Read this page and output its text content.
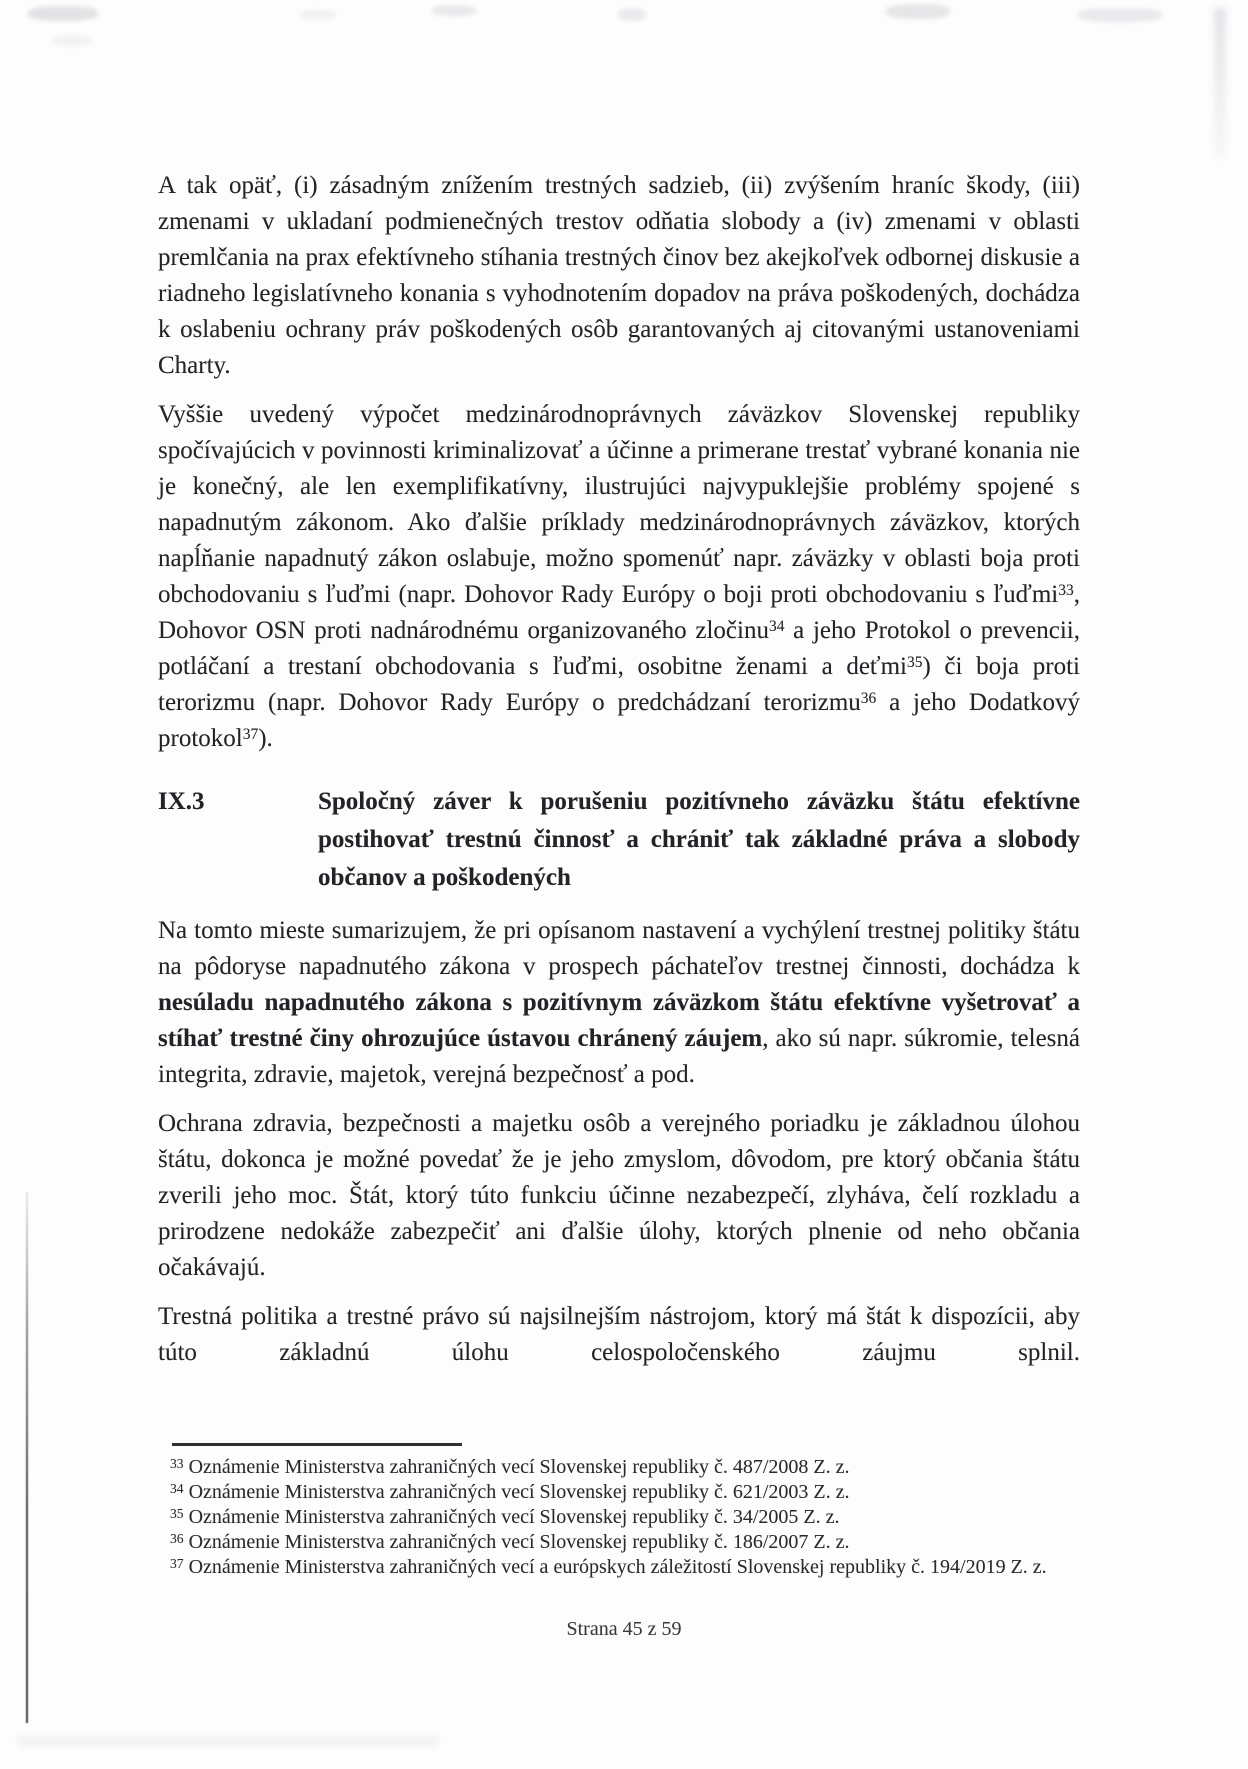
A tak opäť, (i) zásadným znížením trestných sadzieb, (ii) zvýšením hraníc škody, (iii) zmenami v ukladaní podmienečných trestov odňatia slobody a (iv) zmenami v oblasti premlčania na prax efektívneho stíhania trestných činov bez akejkoľvek odbornej diskusie a riadneho legislatívneho konania s vyhodnotením dopadov na práva poškodených, dochádza k oslabeniu ochrany práv poškodených osôb garantovaných aj citovanými ustanoveniami Charty.

Vyššie uvedený výpočet medzinárodnoprávnych záväzkov Slovenskej republiky spočívajúcich v povinnosti kriminalizovať a účinne a primerane trestať vybrané konania nie je konečný, ale len exemplifikatívny, ilustrujúci najvypuklejšie problémy spojené s napadnutým zákonom. Ako ďalšie príklady medzinárodnoprávnych záväzkov, ktorých napĺňanie napadnutý zákon oslabuje, možno spomenúť napr. záväzky v oblasti boja proti obchodovaniu s ľuďmi (napr. Dohovor Rady Európy o boji proti obchodovaniu s ľuďmi$^{33}$, Dohovor OSN proti nadnárodnému organizovaného zločinu$^{34}$ a jeho Protokol o prevencii, potláčaní a trestaní obchodovania s ľuďmi, osobitne ženami a deťmi$^{35}$) či boja proti terorizmu (napr. Dohovor Rady Európy o predchádzaní terorizmu$^{36}$ a jeho Dodatkový protokol$^{37}$).

IX.3	Spoločný záver k porušeniu pozitívneho záväzku štátu efektívne postihovať trestnú činnosť a chrániť tak základné práva a slobody občanov a poškodených

Na tomto mieste sumarizujem, že pri opísanom nastavení a vychýlení trestnej politiky štátu na pôdoryse napadnutého zákona v prospech páchateľov trestnej činnosti, dochádza k nesúladu napadnutého zákona s pozitívnym záväzkom štátu efektívne vyšetrovať a stíhať trestné činy ohrozujúce ústavou chránený záujem, ako sú napr. súkromie, telesná integrita, zdravie, majetok, verejná bezpečnosť a pod.

Ochrana zdravia, bezpečnosti a majetku osôb a verejného poriadku je základnou úlohou štátu, dokonca je možné povedať že je jeho zmyslom, dôvodom, pre ktorý občania štátu zverili jeho moc. Štát, ktorý túto funkciu účinne nezabezpečí, zlyháva, čelí rozkladu a prirodzene nedokáže zabezpečiť ani ďalšie úlohy, ktorých plnenie od neho občania očakávajú.

Trestná politika a trestné právo sú najsilnejším nástrojom, ktorý má štát k dispozícii, aby túto základnú úlohu celospoločenského záujmu splnil.

$^{33}$ Oznámenie Ministerstva zahraničných vecí Slovenskej republiky č. 487/2008 Z. z.
$^{34}$ Oznámenie Ministerstva zahraničných vecí Slovenskej republiky č. 621/2003 Z. z.
$^{35}$ Oznámenie Ministerstva zahraničných vecí Slovenskej republiky č. 34/2005 Z. z.
$^{36}$ Oznámenie Ministerstva zahraničných vecí Slovenskej republiky č. 186/2007 Z. z.
$^{37}$ Oznámenie Ministerstva zahraničných vecí a európskych záležitostí Slovenskej republiky č. 194/2019 Z. z.
Strana 45 z 59
